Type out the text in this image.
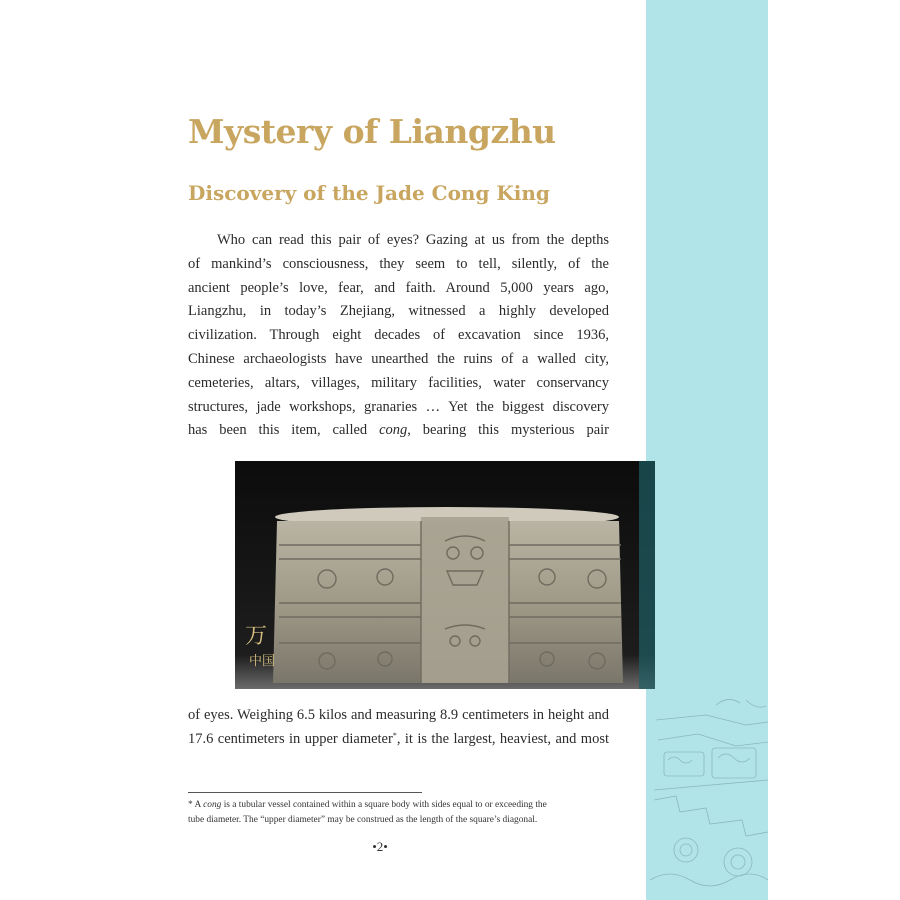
Mystery of Liangzhu
Discovery of the Jade Cong King
Who can read this pair of eyes? Gazing at us from the depths
of mankind’s consciousness, they seem to tell, silently, of the
ancient people’s love, fear, and faith. Around 5,000 years ago,
Liangzhu, in today’s Zhejiang, witnessed a highly developed
civilization. Through eight decades of excavation since 1936,
Chinese archaeologists have unearthed the ruins of a walled city,
cemeteries, altars, villages, military facilities, water conservancy
structures, jade workshops, granaries … Yet the biggest discovery
has been this item, called cong, bearing this mysterious pair
万
中国
of eyes. Weighing 6.5 kilos and measuring 8.9 centimeters in height and
17.6 centimeters in upper diameter*, it is the largest, heaviest, and most
* A cong is a tubular vessel contained within a square body with sides equal to or exceeding the
tube diameter. The “upper diameter” may be construed as the length of the square’s diagonal.
•2•
